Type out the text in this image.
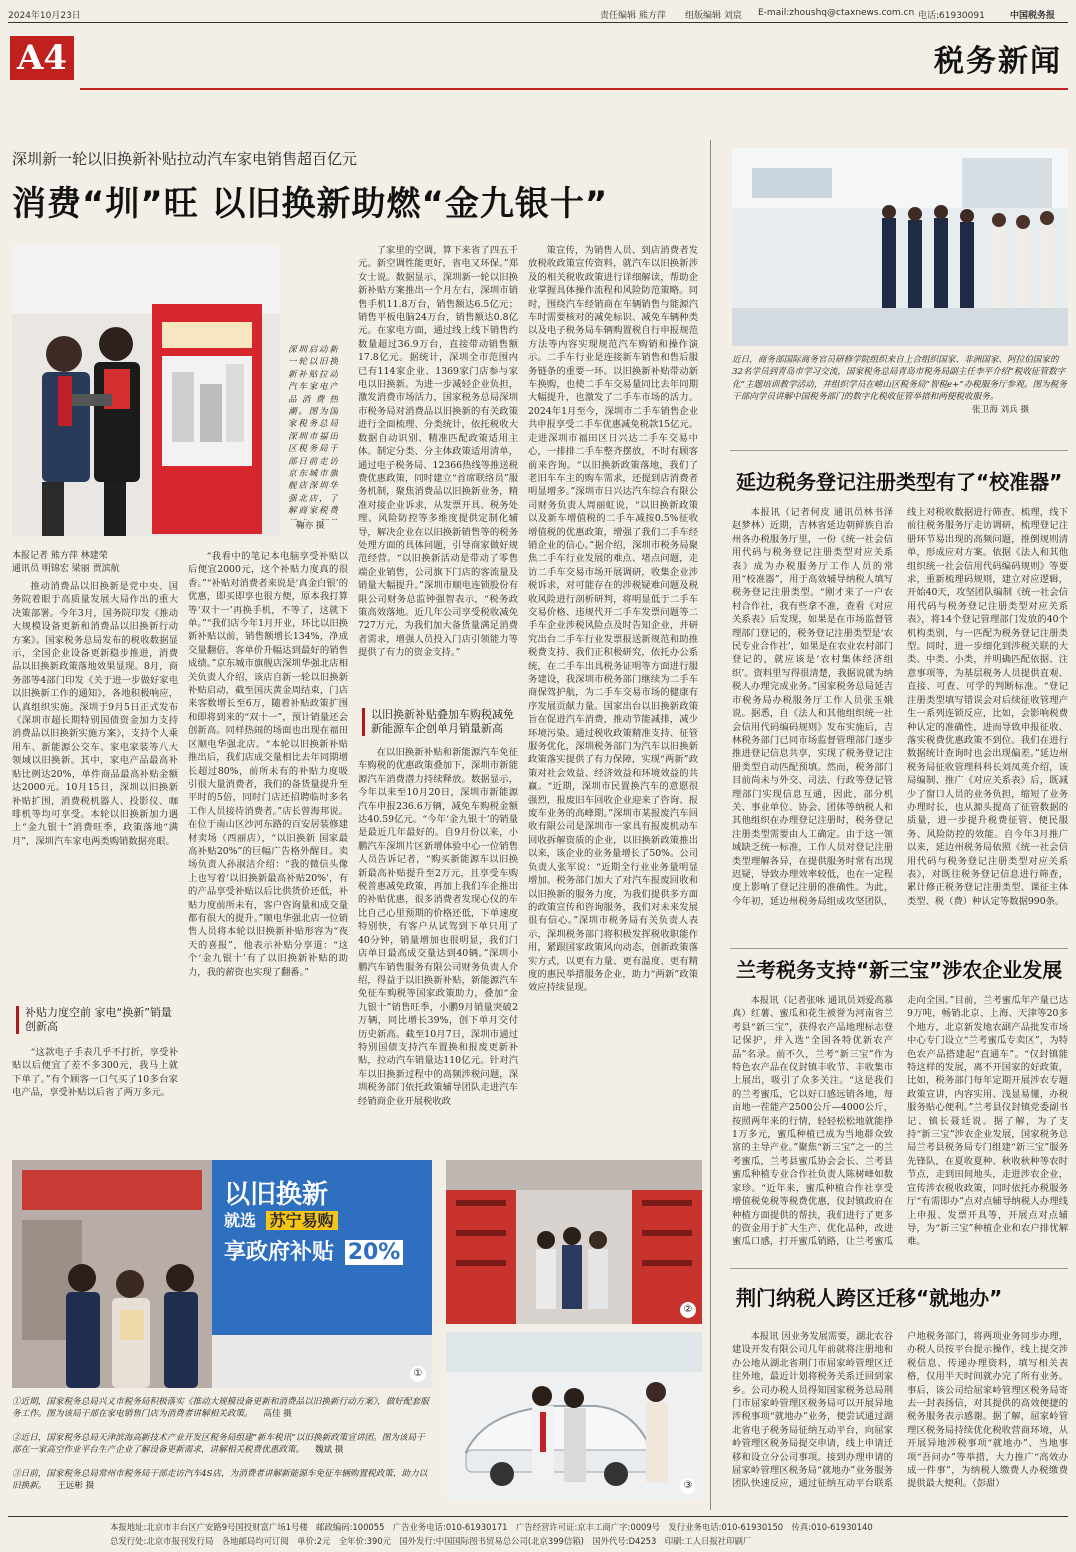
2024年10月23日	责任编辑 熊方萍 组版编辑 刘宸 E-mail:zhoushq@ctaxnews.com.cn 电话:61930091	中国税务报
A4	税务新闻
深圳新一轮以旧换新补贴拉动汽车家电销售超百亿元
消费“圳”旺 以旧换新助燃“金九银十”
深圳启动新一轮以旧换新补贴拉动汽车家电产品消费热潮。图为国家税务总局深圳市福田区税务局干部日前走访京东城市旗舰店深圳华强北店，了解商家税费
鞠亦 摄
本报记者 熊方萍 林建荣
通讯员 明锦宏 梁丽 贾滨航

推动消费品以旧换新是党中央、国务院着眼于高质量发展大局作出的重大决策部署。今年3月，国务院印发《推动大规模设备更新和消费品以旧换新行动方案》。国家税务总局发布的税收数据显示，全国企业设备更新稳步推进，消费品以旧换新政策落地效果显现。8月，商务部等4部门印发《关于进一步做好家电以旧换新工作的通知》，各地积极响应，认真组织实施。深圳于9月5日正式发布《深圳市超长期特别国债资金加力支持消费品以旧换新实施方案》，支持个人乘用车、新能源公交车、家电家装等八大领域以旧换新。其中，家电产品最高补贴比例达20%，单件商品最高补贴金额达2000元。10月15日，深圳以旧换新补贴扩围，消费税机器人、投影仪、咖啡机等均可享受。本轮以旧换新加力遇上“金九银十”消费旺季，政策落地“满月”，深圳汽车家电两类购销数据亮眼。

补贴力度空前 家电“换新”销量创新高

“这款电子手表几乎不打折，享受补贴以后便宜了差不多300元，我马上就下单了。”有个顾客一口气买了10多台家电产品，享受补贴以后省了两万多元。

“我看中的笔记本电脑享受补贴以后便宜2000元，这个补贴力度真的很香。”“补贴对消费者来说是‘真金白银’的优惠，即买即享也很方便，原本我打算等‘双十一’再换手机，不等了，这就下单。”“我们店今年1月开业，环比以旧换新补贴以前，销售额增长134%，净成交量翻倍，客单价升幅达到最好的销售成绩。”京东城市旗舰店深圳华强北店相关负责人介绍，该店自新一轮以旧换新补贴启动，截至国庆黄金周结束，门店来客数增长至6万，随着补贴政策扩围和即将到来的“双十一”，预计销量还会创新高。同样热闹的场面也出现在福田区顺电华强北店。“本轮以旧换新补贴推出后，我们店成交量相比去年同期增长超过80%，前所未有的补贴力度吸引很大量消费者，我们的备货量提升至平时的5倍，同时门店还招聘临时多名工作人员接待消费者。”店长曾海邦说。在位于南山区沙河东路的百安居装修建材卖场（西丽店），“以旧换新 国家最高补贴20%”的巨幅广告格外醒目。卖场负责人孙淑洁介绍：“我的微信头像上也写着‘以旧换新最高补贴20%’，有的产品享受补贴以后比供货价还低，补贴力度前所未有，客户咨询量和成交量都有很大的提升。”顺电华强北店一位销售人员将本轮以旧换新补贴形容为“夜天的喜报”，他表示补贴分享道：“这个‘金九银十’有了以旧换新补贴的助力，我的薪资也实现了翻番。”

了家里的空调，算下来省了四五千元。新空调性能更好，省电又环保。”郑女士说。数据显示，深圳新一轮以旧换新补贴方案推出一个月左右，深圳市销售手机11.8万台，销售额达6.5亿元；销售平板电脑24万台，销售额达0.8亿元。在家电方面，通过线上线下销售约数量超过36.9万台，直接带动销售额17.8亿元。据统计，深圳全市范围内已有114家企业、1369家门店参与家电以旧换新。为进一步减轻企业负担，激发消费市场活力，国家税务总局深圳市税务局对消费品以旧换新的有关政策进行全面梳理、分类统计，依托税收大数据自动识别、精准匹配政策适用主体。制定分类、分主体政策适用清单，通过电子税务局、12366热线等推送税费优惠政策，同时建立“首席联络员”服务机制，聚焦消费品以旧换新业务，精准对接企业诉求，从发票开具、税务处理、风险防控等多维度提供定制化辅导，解决企业在以旧换新销售等的税务处理方面的具体问题，引导商家做好规范经营。“以旧换新活动是带动了零售端企业销售，公司旗下门店的客流量及销量大幅提升。”深圳市顺电连锁股份有限公司财务总监钟强智表示，“税务政策高效落地。近几年公司享受税收减免727万元，为我们加大备货量满足消费者需求，增强人员投入门店引领能力等提供了有力的资金支持。”

以旧换新补贴叠加车购税减免 新能源车企创单月销量新高

在以旧换新补贴和新能源汽车免征车购税的优惠政策叠加下，深圳市新能源汽车消费潜力持续释放。数据显示，今年以来至10月20日，深圳市新能源汽车申报236.6万辆，减免车购税金额达40.59亿元。“今年‘金九银十’的销量是最近几年最好的。自9月份以来，小鹏汽车深圳片区新增体验中心一位销售人员告诉记者，“购买新能源车以旧换新最高补贴提升至2万元，且享受车购税普惠减免政策，再加上我们车企推出的补贴优惠，很多消费者发现心仪的车比自己心里预期的价格还低，下单速度特别快，有客户从试驾到下单只用了40分钟，销量增加也很明显，我们门店单日最高成交量达到40辆。”深圳小鹏汽车销售服务有限公司财务负责人介绍，得益于以旧换新补贴，新能源汽车免征车购税等国家政策助力，叠加“金九银十”销售旺季，小鹏9月销量突破2万辆，同比增长39%，创下单月交付历史新高。截至10月7日，深圳市通过特别国债支持汽车置换和报废更新补贴，拉动汽车销量达110亿元。针对汽车以旧换新过程中的高频涉税问题，深圳税务部门依托政策辅导团队走进汽车经销商企业开展税收政

策宣传，为销售人员、到店消费者发放税收政策宣传资料，就汽车以旧换新涉及的相关税收政策进行详细解读，帮助企业掌握具体操作流程和风险防范策略。同时，围绕汽车经销商在车辆销售与能源汽车时需要核对的减免标识、减免车辆种类以及电子税务局车辆购置税自行申报规范方法等内容实现规范汽车购销和操作演示。二手车行业是连接新车销售和售后服务链条的重要一环。以旧换新补贴带动新车换购，也使二手车交易量同比去年同期大幅提升，也激发了二手车市场的活力。2024年1月至今，深圳市二手车销售企业共申报享受二手车优惠减免税款15亿元。走进深圳市福田区日兴达二手车交易中心，一排排二手车整齐摆放，不时有顾客前来咨询。“以旧换新政策落地，我们了老旧车车主的购车需求，还提到店消费者明显增多。”深圳市日兴达汽车综合有限公司财务负责人周丽虹说，“以旧换新政策以及新车增值税的二手车减按0.5%征收增值税的优惠政策，增强了我们二手车经销企业的信心。”据介绍，深圳市税务局聚焦二手车行业发展的难点、堵点问题，走访二手车交易市场开展调研，收集企业涉税诉求，对可能存在的涉税疑难问题及税收风险进行剖析研判，将明显低于二手车交易价格、违规代开二手车发票问题等二手车企业涉税风险点及时告知企业，并研究出台二手车行业发票报送新规范和助推税费支持、我们正积极研究，依托办公系统，在二手车出具税务证明等方面进行服务建设，我深圳市税务部门继续为二手车商保驾护航，为二手车交易市场的健康有序发展贡献力量。国家出台以旧换新政策旨在促进汽车消费，推动节能减排，减少环境污染。通过税收政策精准支持、征管服务优化，深圳税务部门为汽车以旧换新政策落实提供了有力保障，实现“两新”政策对社会效益、经济效益和环境效益的共赢。“近期，深圳市民置换汽车的意愿很强烈，报废旧车回收企业迎来了咨询、报废车业务的高峰期。”深圳市某报废汽车回收有限公司是深圳市一家具有报废机动车回收拆解资质的企业，以旧换新政策推出以来，该企业的业务量增长了50%。公司负责人张军说：“近期全行业业务量明显增加。税务部门加大了对汽车报废回收和以旧换新的服务力度，为我们提供多方面的政策宣传和咨询服务，我们对未来发展很有信心。”深圳市税务局有关负责人表示，深圳税务部门将积极发挥税收职能作用，紧跟国家政策风向动态，创新政策落实方式，以更有力量、更有温度、更有精度的惠民举措服务企业，助力“两新”政策效应持续显现。

以旧换新
就选 苏宁易购
享政府补贴 20%
①
②
③
①近期，国家税务总局兴义市税务局积极落实《推动大规模设备更新和消费品以旧换新行动方案》，做好配套服务工作。图为该局干部在家电销售门店为消费者讲解相关政策。 高佳 摄
②近日，国家税务总局天津滨海高新技术产业开发区税务局组建“新车税讯”以旧换新政策宣讲团。图为该局干部在一家高空作业平台生产企业了解设备更新需求，讲解相关税费优惠政策。 魏斌 摄
③日前，国家税务总局常州市税务局干部走访汽车4S店，为消费者讲解新能源车免征车辆购置税政策，助力以旧换新。 王远彬 摄
近日，商务部国际商务官员研修学院组织来自上合组织国家、非洲国家、阿拉伯国家的32名学员到青岛市学习交流，国家税务总局青岛市税务局副主任李平介绍“税收征管数字化”主题培训教学活动，并组织学员在崂山区税务局“智税e+”办税服务厅参观。图为税务干部向学员讲解中国税务部门的数字化税收征管举措和两便税收服务。
张卫海 刘兵 摄
延边税务登记注册类型有了“校准器”

本报讯（记者何皮 通讯员林书泽 赵梦林）近期，吉林省延边朝鲜族自治州各办税服务厅里，一份《统一社会信用代码与税务登记注册类型对应关系表》成为办税服务厅工作人员的常用“校准器”，用于高效辅导纳税人填写税务登记注册类型。“刚才来了一户农村合作社，我有些拿不准，查看《对应关系表》后发现，如果是在市场监督管理部门登记的，税务登记注册类型是‘农民专业合作社’，如果是在农业农村部门登记的，就应该是‘农村集体经济组织’。资料里写得很清楚，我据说就为纳税人办理完成业务。”国家税务总局延吉市税务局办税服务厅工作人员张玉娥说。据悉，自《法人和其他组织统一社会信用代码编码规则》发布实施后，吉林税务部门已同市场监督管理部门逐步推进登记信息共享，实现了税务登记注册类型自动匹配预填。然而，税务部门目前尚未与外交、司法、行政等登记管理部门实现信息互通，因此，部分机关、事业单位、协会、团体等纳税人和其他组织在办理登记注册时，税务登记注册类型需要由人工确定。由于这一领域缺乏统一标准，工作人员对登记注册类型理解各异，在提供服务时常有出现迟疑，导致办理效率较低，也在一定程度上影响了登记注册的准确性。为此，今年初，延边州税务局组成攻坚团队，线上对税收数据进行筛查、梳理，线下前往税务服务厅走访调研，梳理登记注册环节易出现的高频问题，推倒规则清单，形成应对方案。依据《法人和其他组织统一社会信用代码编码规则》等要求，重新梳理码规则，建立对应逻辑，开始40天，攻坚团队编制《统一社会信用代码与税务登记注册类型对应关系表》，将14个登记管理部门发放的40个机构类别，与一匹配为税务登记注册类型。同时，进一步细化到涉税关联的大类、中类、小类，并明确匹配依据、注意事项等，为基层税务人员提供直观、直接、可查、可学的判断标准。“登记注册类型填写错误会对后续征收管理产生一系列连锁反应，比如，会影响税费种认定的准确性，进而导致申报征收、落实税费优惠政策不到位。我们在进行数据统计查询时也会出现偏差。”延边州税务局征收管理科科长刘凤英介绍，该局编制、推广《对应关系表》后，既减少了窗口人员的业务负担，缩短了业务办理时长，也从源头提高了征管数据的质量，进一步提升税费征管、便民服务、风险防控的效能。自今年3月推广以来，延边州税务局依照《统一社会信用代码与税务登记注册类型对应关系表》，对既往税务登记信息进行筛查，累计修正税务登记注册类型、课征主体类型、税（费）种认定等数据990条。

兰考税务支持“新三宝”涉农企业发展

本报讯（记者张咏 通讯员刘爱高慕真）红薯、蜜瓜和花生被誉为河南省兰考县“新三宝”，获得农产品地理标志登记保护，并入选“全国各特优新农产品”名录。前不久，兰考“新三宝”作为特色农产品在仪封镇丰收节、丰收集市上展出，吸引了众多关注。“这是我们的兰考蜜瓜，它以好口感远销各地，每亩地一茬能产2500公斤—4000公斤，按照两年来的行情，轻轻松松地就能挣1万多元，蜜瓜种植已成为当地群众致富的主导产业。”聚焦“新三宝”之一的兰考蜜瓜，兰考县蜜瓜协会会长、兰考县蜜瓜种植专业合作社负责人陈树峰如数家珍。“近年来，蜜瓜种植合作社享受增值税免税等税费优惠，仪封镇政府在种植方面提供的帮扶，我们进行了更多的资金用于扩大生产、优化品种，改进蜜瓜口感，打开蜜瓜销路，让兰考蜜瓜走向全国。”目前，兰考蜜瓜年产量已达9万吨，畅销北京、上海、天津等20多个地方，北京新发地农副产品批发市场中心专门设立“兰考蜜瓜专卖区”，为特色农产品搭建起“直通车”。“仅封镇能特这样的发展，离不开国家的好政策，比如，税务部门每年定期开展涉农专题政策宣讲，内容实用、浅显易懂，办税服务贴心便利。”兰考县仪封镇党委副书记、镇长聂廷说。据了解，为了支持“新三宝”涉农企业发展，国家税务总局兰考县税务局专门组建“新三宝”服务先锋队，在夏收夏种、秋收秋种等农时节点，走到田间地头，走进涉农企业，宣传涉农税收政策，同时依托办税服务厅“有需即办”点对点辅导纳税人办理线上申报、发票开具等，开展点对点辅导，为“新三宝”种植企业和农户排忧解难。

荆门纳税人跨区迁移“就地办”

本报讯 因业务发展需要，湖北农谷建设开发有限公司几年前就将注册地和办公地从湖北省荆门市屈家岭管理区迁往外地，最近计划将税务关系迁回到家乡。公司办税人员得知国家税务总局荆门市屈家岭管理区税务局可以开展异地涉税事项“就地办”业务，便尝试通过湖北省电子税务局征纳互动平台，向屈家岭管理区税务局提交申请，线上申请迁移和设立分公司事项。接到办理申请的屈家岭管理区税务局“就地办”业务服务团队快速反应，通过征纳互动平台联系户地税务部门，将两项业务同步办理，办税人员按平台提示操作，线上提交涉税信息、传递办理资料，填写相关表格，仅用半天时间就办完了所有业务。事后，该公司给屈家岭管理区税务局寄去一封表扬信，对其提供的高效便捷的税务服务表示感谢。据了解，屈家岭管理区税务局持续优化税收营商环境，从开展异地涉税事项“就地办”、当地事项“吾问办”等举措，大力推广“高效办成一件事”，为纳税人缴费人办税缴费提供最大便利。（彭甜）

本报地址:北京市丰台区广安路9号国投财富广场1号楼　邮政编码:100055　广告业务电话:010-61930171　广告经营许可证:京丰工商广字:0009号　发行业务电话:010-61930150　传真:010-61930140
总发行处:北京市报刊发行局　各地邮局均可订阅　单价:2元　全年价:390元　国外发行:中国国际图书贸易总公司(北京399信箱)　国外代号:D4253　印刷:工人日报社印刷厂
